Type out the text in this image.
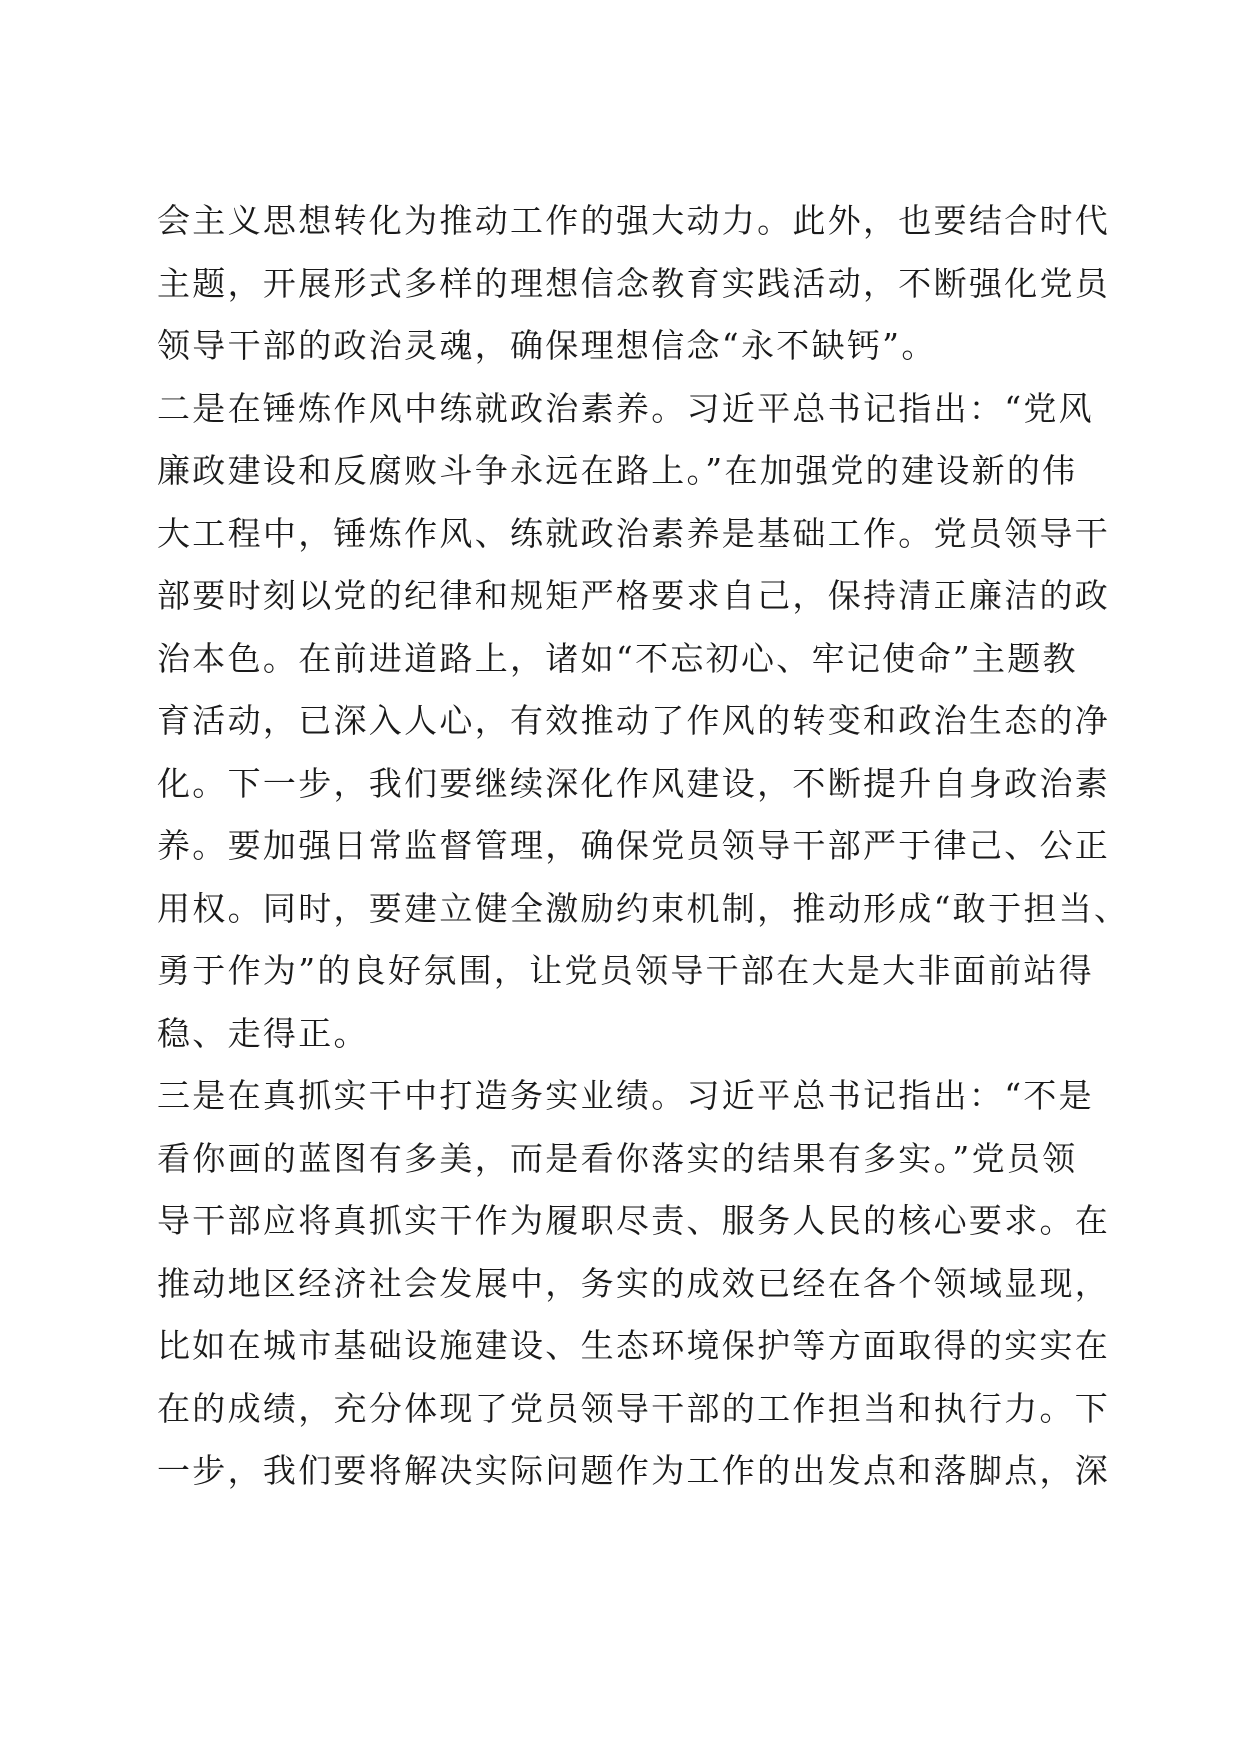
会主义思想转化为推动工作的强大动力。此外，也要结合时代
主题，开展形式多样的理想信念教育实践活动，不断强化党员
领导干部的政治灵魂，确保理想信念“永不缺钙”。
二是在锤炼作风中练就政治素养。习近平总书记指出：“党风
廉政建设和反腐败斗争永远在路上。”在加强党的建设新的伟
大工程中，锤炼作风、练就政治素养是基础工作。党员领导干
部要时刻以党的纪律和规矩严格要求自己，保持清正廉洁的政
治本色。在前进道路上，诸如“不忘初心、牢记使命”主题教
育活动，已深入人心，有效推动了作风的转变和政治生态的净
化。下一步，我们要继续深化作风建设，不断提升自身政治素
养。要加强日常监督管理，确保党员领导干部严于律己、公正
用权。同时，要建立健全激励约束机制，推动形成“敢于担当、
勇于作为”的良好氛围，让党员领导干部在大是大非面前站得
稳、走得正。
三是在真抓实干中打造务实业绩。习近平总书记指出：“不是
看你画的蓝图有多美，而是看你落实的结果有多实。”党员领
导干部应将真抓实干作为履职尽责、服务人民的核心要求。在
推动地区经济社会发展中，务实的成效已经在各个领域显现，
比如在城市基础设施建设、生态环境保护等方面取得的实实在
在的成绩，充分体现了党员领导干部的工作担当和执行力。下
一步，我们要将解决实际问题作为工作的出发点和落脚点，深
